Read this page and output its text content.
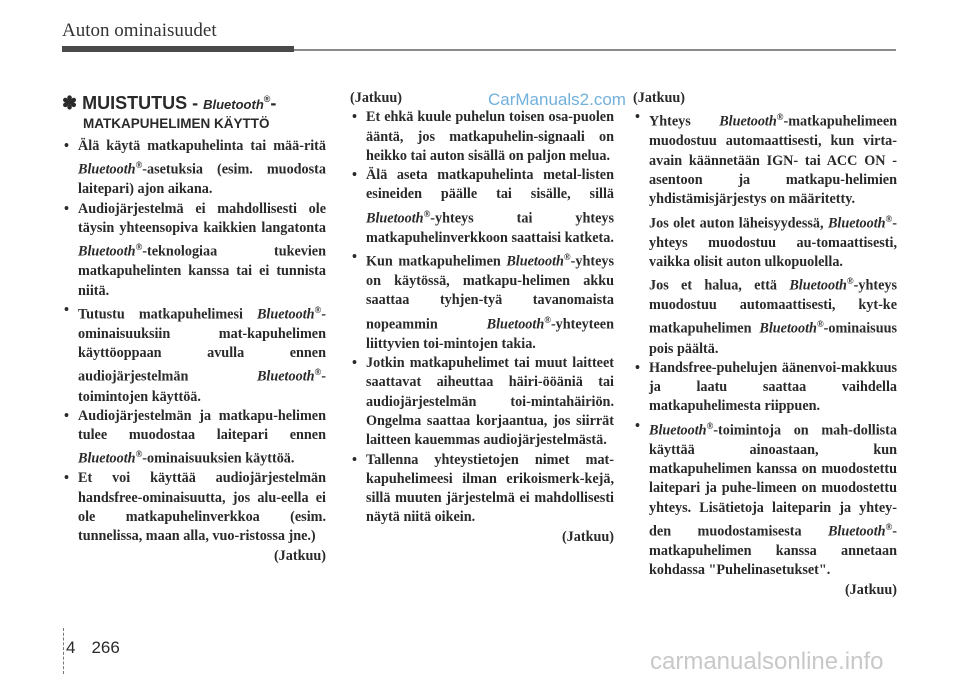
Auton ominaisuudet
CarManuals2.com
✽ MUISTUTUS - Bluetooth®-
MATKAPUHELIMEN KÄYTTÖ
• Älä käytä matkapuhelinta tai mää-ritä Bluetooth®-asetuksia (esim. muodosta laitepari) ajon aikana.
• Audiojärjestelmä ei mahdollisesti ole täysin yhteensopiva kaikkien langatonta Bluetooth®-teknologiaa tukevien matkapuhelinten kanssa tai ei tunnista niitä.
• Tutustu matkapuhelimesi Bluetooth®-ominaisuuksiin mat-kapuhelimen käyttöoppaan avulla ennen audiojärjestelmän Bluetooth®-toimintojen käyttöä.
• Audiojärjestelmän ja matkapu-helimen tulee muodostaa laitepari ennen Bluetooth®-ominaisuuksien käyttöä.
• Et voi käyttää audiojärjestelmän handsfree-ominaisuutta, jos alu-eella ei ole matkapuhelinverkkoa (esim. tunnelissa, maan alla, vuo-ristossa jne.)
(Jatkuu)
(Jatkuu)
• Et ehkä kuule puhelun toisen osa-puolen ääntä, jos matkapuhelin-signaali on heikko tai auton sisällä on paljon melua.
• Älä aseta matkapuhelinta metal-listen esineiden päälle tai sisälle, sillä Bluetooth®-yhteys tai yhteys matkapuhelinverkkoon saattaisi katketa.
• Kun matkapuhelimen Bluetooth®-yhteys on käytössä, matkapu-helimen akku saattaa tyhjen-tyä tavanomaista nopeammin Bluetooth®-yhteyteen liittyvien toi-mintojen takia.
• Jotkin matkapuhelimet tai muut laitteet saattavat aiheuttaa häiri-ööäniä tai audiojärjestelmän toi-mintahäiriön. Ongelma saattaa korjaantua, jos siirrät laitteen kauemmas audiojärjestelmästä.
• Tallenna yhteystietojen nimet mat-kapuhelimeesi ilman erikoismerk-kejä, sillä muuten järjestelmä ei mahdollisesti näytä niitä oikein.
(Jatkuu)
(Jatkuu)
• Yhteys Bluetooth®-matkapuhelimeen muodostuu automaattisesti, kun virta-avain käännetään IGN- tai ACC ON -asentoon ja matkapu-helimien yhdistämisjärjestys on määritetty.
Jos olet auton läheisyydessä, Bluetooth®-yhteys muodostuu au-tomaattisesti, vaikka olisit auton ulkopuolella.
Jos et halua, että Bluetooth®-yhteys muodostuu automaattisesti, kyt-ke matkapuhelimen Bluetooth®-ominaisuus pois päältä.
• Handsfree-puhelujen äänenvoi-makkuus ja laatu saattaa vaihdella matkapuhelimesta riippuen.
• Bluetooth®-toimintoja on mah-dollista käyttää ainoastaan, kun matkapuhelimen kanssa on muodostettu laitepari ja puhe-limeen on muodostettu yhteys. Lisätietoja laiteparin ja yhtey-den muodostamisesta Bluetooth®-matkapuhelimen kanssa annetaan kohdassa "Puhelinasetukset".
(Jatkuu)
4 266
carmanualsonline.info
